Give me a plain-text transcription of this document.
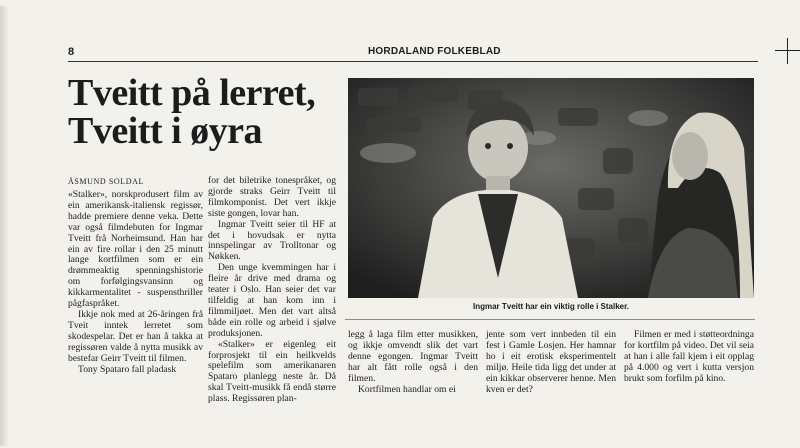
8	HORDALAND FOLKEBLAD
Tveitt på lerret,
Tveitt i øyra
ÅSMUND SOLDAL

«Stalker», norskprodusert film av ein amerikansk-italiensk regissør, hadde premiere denne veka. Dette var også filmdebuten for Ingmar Tveitt frå Norheimsund. Han har ein av fire rollar i den 25 minutt lange kortfilmen som er ein drømmeaktig spenningshistorie om forfølgingsvansinn og kikkarmentalitet - suspensthriller pågfaspråket.

Ikkje nok med at 26-åringen frå Tveit inntek lerretet som skodespelar. Det er han å takka at regissøren valde å nytta musikk av bestefar Geirr Tveitt til filmen.

Tony Spataro fall pladask

for det biletrike tonespråket, og gjorde straks Geirr Tveitt til filmkomponist. Det vert ikkje siste gongen, lovar han.

Ingmar Tveitt seier til HF at det i hovudsak er nytta innspelingar av Trolltonar og Nøkken.

Den unge kvemmingen har i fleire år drive med drama og teater i Oslo. Han seier det var tilfeldig at han kom inn i filmmiljøet. Men det vart altså både ein rolle og arbeid i sjølve produksjonen.

«Stalker» er eigenleg eit forprosjekt til ein heilkvelds spelefilm som amerikanaren Spataro planlegg neste år. Då skal Tveitt-musikk få endå større plass. Regissøren plan-

Ingmar Tveitt har ein viktig rolle i Stalker.

legg å laga film etter musikken, og ikkje omvendt slik det vart denne egongen. Ingmar Tveitt har alt fått rolle også i den filmen.

Kortfilmen handlar om ei

jente som vert innbeden til ein fest i Gamle Losjen. Her hamnar ho i eit erotisk eksperimentelt miljø. Heile tida ligg det under at ein kikkar observerer henne. Men kven er det?

Filmen er med i støtteordninga for kortfilm på video. Det vil seia at han i alle fall kjem i eit opplag på 4.000 og vert i kutta versjon brukt som forfilm på kino.
